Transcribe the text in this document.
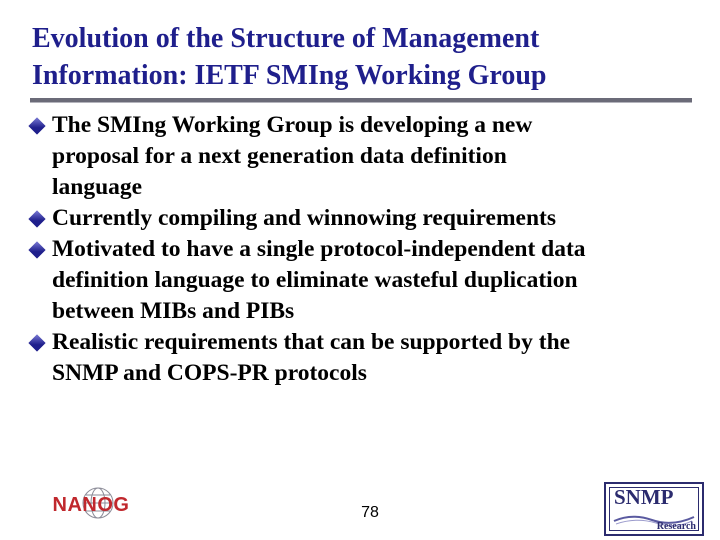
Evolution of the Structure of Management
Information: IETF SMIng Working Group
The SMIng Working Group is developing a new
proposal for a next generation data definition
language
Currently compiling and winnowing requirements
Motivated to have a single protocol-independent data
definition language to eliminate wasteful duplication
between MIBs and PIBs
Realistic requirements that can be supported by the
SNMP and COPS-PR protocols
NANOG	78
SNMP
Research
